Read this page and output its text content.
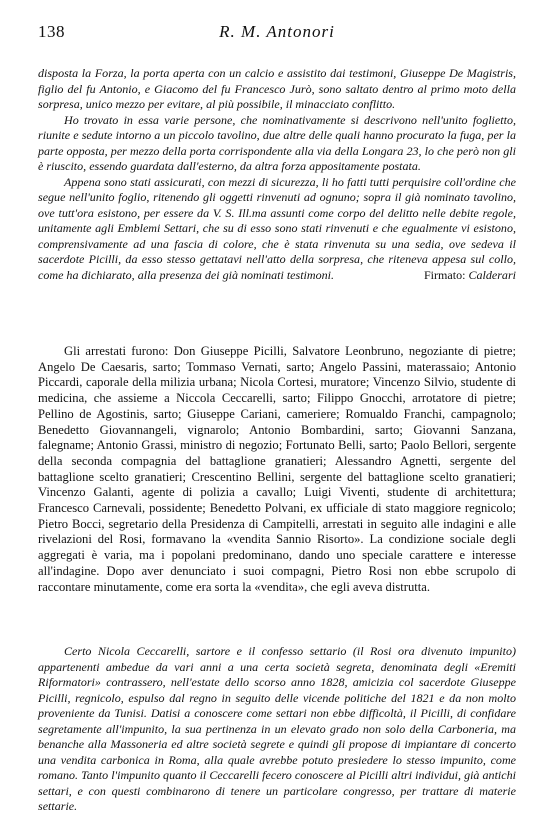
138	R. M. Antonori

disposta la Forza, la porta aperta con un calcio e assistito dai testimoni, Giuseppe De Magistris, figlio del fu Antonio, e Giacomo del fu Francesco Jurò, sono saltato dentro al primo moto della sorpresa, unico mezzo per evitare, al più possibile, il minacciato conflitto.

Ho trovato in essa varie persone, che nominativamente si descrivono nell'unito foglietto, riunite e sedute intorno a un piccolo tavolino, due altre delle quali hanno procurato la fuga, per la parte opposta, per mezzo della porta corrispondente alla via della Longara 23, lo che però non gli è riuscito, essendo guardata dall'esterno, da altra forza appositamente postata.

Appena sono stati assicurati, con mezzi di sicurezza, li ho fatti tutti perquisire coll'ordine che segue nell'unito foglio, ritenendo gli oggetti rinvenuti ad ognuno; sopra il già nominato tavolino, ove tutt'ora esistono, per essere da V. S. Ill.ma assunti come corpo del delitto nelle debite regole, unitamente agli Emblemi Settari, che su di esso sono stati rinvenuti e che egualmente vi esistono, comprensivamente ad una fascia di colore, che è stata rinvenuta su una sedia, ove sedeva il sacerdote Picilli, da esso stesso gettatavi nell'atto della sorpresa, che riteneva appesa sul collo, come ha dichiarato, alla presenza dei già nominati testimoni.	Firmato: Calderari

Gli arrestati furono: Don Giuseppe Picilli, Salvatore Leonbruno, negoziante di pietre; Angelo De Caesaris, sarto; Tommaso Vernati, sarto; Angelo Passini, materassaio; Antonio Piccardi, caporale della milizia urbana; Nicola Cortesi, muratore; Vincenzo Silvio, studente di medicina, che assieme a Niccola Ceccarelli, sarto; Filippo Gnocchi, arrotatore di pietre; Pellino de Agostinis, sarto; Giuseppe Cariani, cameriere; Romualdo Franchi, campagnolo; Benedetto Giovannangeli, vignarolo; Antonio Bombardini, sarto; Giovanni Sanzana, falegname; Antonio Grassi, ministro di negozio; Fortunato Belli, sarto; Paolo Bellori, sergente della seconda compagnia del battaglione granatieri; Alessandro Agnetti, sergente del battaglione scelto granatieri; Crescentino Bellini, sergente del battaglione scelto granatieri; Vincenzo Galanti, agente di polizia a cavallo; Luigi Viventi, studente di architettura; Francesco Carnevali, possidente; Benedetto Polvani, ex ufficiale di stato maggiore regnicolo; Pietro Bocci, segretario della Presidenza di Campitelli, arrestati in seguito alle indagini e alle rivelazioni del Rosi, formavano la «vendita Sannio Risorto». La condizione sociale degli aggregati è varia, ma i popolani predominano, dando uno speciale carattere e interesse all'indagine. Dopo aver denunciato i suoi compagni, Pietro Rosi non ebbe scrupolo di raccontare minutamente, come era sorta la «vendita», che egli aveva distrutta.

Certo Nicola Ceccarelli, sartore e il confesso settario (il Rosi ora divenuto impunito) appartenenti ambedue da vari anni a una certa società segreta, denominata degli «Eremiti Riformatori» contrassero, nell'estate dello scorso anno 1828, amicizia col sacerdote Giuseppe Picilli, regnicolo, espulso dal regno in seguito delle vicende politiche del 1821 e da non molto proveniente da Tunisi. Datisi a conoscere come settari non ebbe difficoltà, il Picilli, di confidare segretamente all'impunito, la sua pertinenza in un elevato grado non solo della Carboneria, ma benanche alla Massoneria ed altre società segrete e quindi gli propose di impiantare di concerto una vendita carbonica in Roma, alla quale avrebbe potuto presiedere lo stesso impunito, come romano. Tanto l'impunito quanto il Ceccarelli fecero conoscere al Picilli altri individui, già antichi settari, e con questi combinarono di tenere un particolare congresso, per trattare di materie settarie.
